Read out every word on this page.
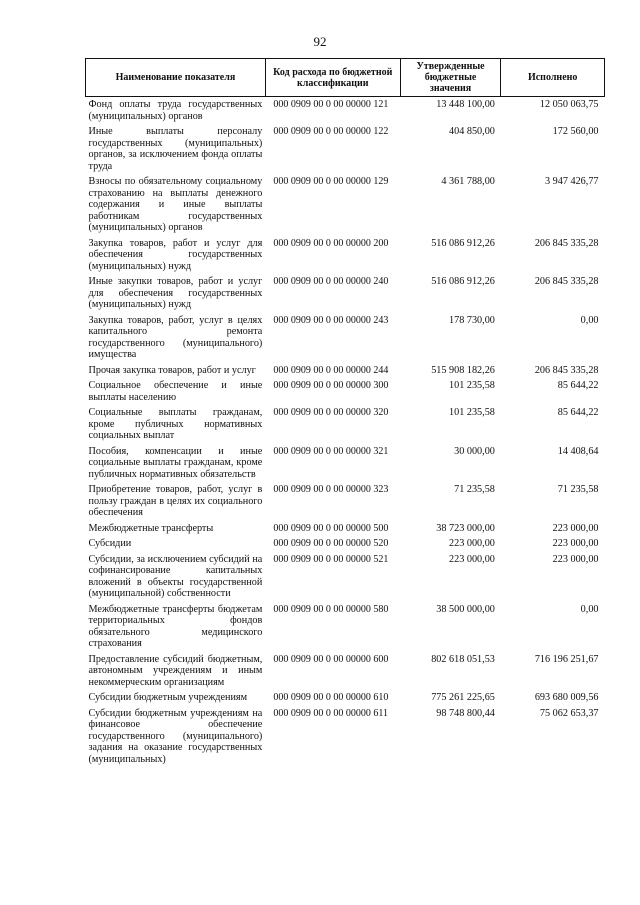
92
Наименование показателя	Код расхода по бюджетной классификации	Утвержденные бюджетные значения	Исполнено
Фонд оплаты труда государственных (муниципальных) органов	000 0909 00 0 00 00000 121	13 448 100,00	12 050 063,75
Иные выплаты персоналу государственных (муниципальных) органов, за исключением фонда оплаты труда	000 0909 00 0 00 00000 122	404 850,00	172 560,00
Взносы по обязательному социальному страхованию на выплаты денежного содержания и иные выплаты работникам государственных (муниципальных) органов	000 0909 00 0 00 00000 129	4 361 788,00	3 947 426,77
Закупка товаров, работ и услуг для обеспечения государственных (муниципальных) нужд	000 0909 00 0 00 00000 200	516 086 912,26	206 845 335,28
Иные закупки товаров, работ и услуг для обеспечения государственных (муниципальных) нужд	000 0909 00 0 00 00000 240	516 086 912,26	206 845 335,28
Закупка товаров, работ, услуг в целях капитального ремонта государственного (муниципального) имущества	000 0909 00 0 00 00000 243	178 730,00	0,00
Прочая закупка товаров, работ и услуг	000 0909 00 0 00 00000 244	515 908 182,26	206 845 335,28
Социальное обеспечение и иные выплаты населению	000 0909 00 0 00 00000 300	101 235,58	85 644,22
Социальные выплаты гражданам, кроме публичных нормативных социальных выплат	000 0909 00 0 00 00000 320	101 235,58	85 644,22
Пособия, компенсации и иные социальные выплаты гражданам, кроме публичных нормативных обязательств	000 0909 00 0 00 00000 321	30 000,00	14 408,64
Приобретение товаров, работ, услуг в пользу граждан в целях их социального обеспечения	000 0909 00 0 00 00000 323	71 235,58	71 235,58
Межбюджетные трансферты	000 0909 00 0 00 00000 500	38 723 000,00	223 000,00
Субсидии	000 0909 00 0 00 00000 520	223 000,00	223 000,00
Субсидии, за исключением субсидий на софинансирование капитальных вложений в объекты государственной (муниципальной) собственности	000 0909 00 0 00 00000 521	223 000,00	223 000,00
Межбюджетные трансферты бюджетам территориальных фондов обязательного медицинского страхования	000 0909 00 0 00 00000 580	38 500 000,00	0,00
Предоставление субсидий бюджетным, автономным учреждениям и иным некоммерческим организациям	000 0909 00 0 00 00000 600	802 618 051,53	716 196 251,67
Субсидии бюджетным учреждениям	000 0909 00 0 00 00000 610	775 261 225,65	693 680 009,56
Субсидии бюджетным учреждениям на финансовое обеспечение государственного (муниципального) задания на оказание государственных (муниципальных)	000 0909 00 0 00 00000 611	98 748 800,44	75 062 653,37
